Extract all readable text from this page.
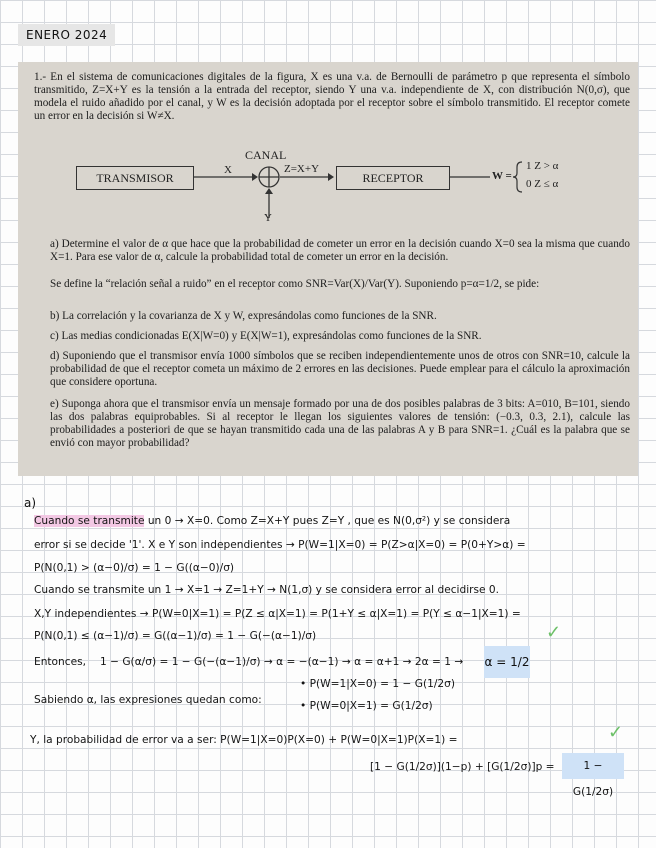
ENERO 2024
1.- En el sistema de comunicaciones digitales de la figura, X es una v.a. de Bernoulli de parámetro p que representa el símbolo transmitido, Z=X+Y es la tensión a la entrada del receptor, siendo Y una v.a. independiente de X, con distribución N(0,σ), que modela el ruido añadido por el canal, y W es la decisión adoptada por el receptor sobre el símbolo transmitido. El receptor comete un error en la decisión si W≠X.
CANAL
TRANSMISOR
X	Z=X+Y
RECEPTOR
Y
W =
1 Z > α
0 Z ≤ α
a) Determine el valor de α que hace que la probabilidad de cometer un error en la decisión cuando X=0 sea la misma que cuando X=1. Para ese valor de α, calcule la probabilidad total de cometer un error en la decisión.
Se define la “relación señal a ruido” en el receptor como SNR=Var(X)/Var(Y). Suponiendo p=α=1/2, se pide:
b) La correlación y la covarianza de X y W, expresándolas como funciones de la SNR.
c) Las medias condicionadas E(X|W=0) y E(X|W=1), expresándolas como funciones de la SNR.
d) Suponiendo que el transmisor envía 1000 símbolos que se reciben independientemente unos de otros con SNR=10, calcule la probabilidad de que el receptor cometa un máximo de 2 errores en las decisiones. Puede emplear para el cálculo la aproximación que considere oportuna.
e) Suponga ahora que el transmisor envía un mensaje formado por una de dos posibles palabras de 3 bits: A=010, B=101, siendo las dos palabras equiprobables. Si al receptor le llegan los siguientes valores de tensión: (−0.3, 0.3, 2.1), calcule las probabilidades a posteriori de que se hayan transmitido cada una de las palabras A y B para SNR=1. ¿Cuál es la palabra que se envió con mayor probabilidad?
a)
Cuando se transmite un 0 → X=0. Como Z=X+Y pues Z=Y , que es N(0,σ²) y se considera
error si se decide '1'. X e Y son independientes → P(W=1|X=0) = P(Z>α|X=0) = P(0+Y>α) =
P(N(0,1) > (α−0)/σ) = 1 − G((α−0)/σ)
Cuando se transmite un 1 → X=1 → Z=1+Y → N(1,σ) y se considera error al decidirse 0.
X,Y independientes → P(W=0|X=1) = P(Z ≤ α|X=1) = P(1+Y ≤ α|X=1) = P(Y ≤ α−1|X=1) =
P(N(0,1) ≤ (α−1)/σ) = G((α−1)/σ) = 1 − G(−(α−1)/σ)	✓
Entonces, 1 − G(α/σ) = 1 − G(−(α−1)/σ) → α = −(α−1) → α = α+1 → 2α = 1 → α = 1/2
• P(W=1|X=0) = 1 − G(1/2σ)
Sabiendo α, las expresiones quedan como:	• P(W=0|X=1) = G(1/2σ)
Y, la probabilidad de error va a ser: P(W=1|X=0)P(X=0) + P(W=0|X=1)P(X=1) =	✓
[1 − G(1/2σ)](1−p) + [G(1/2σ)]p =	1 − G(1/2σ)
